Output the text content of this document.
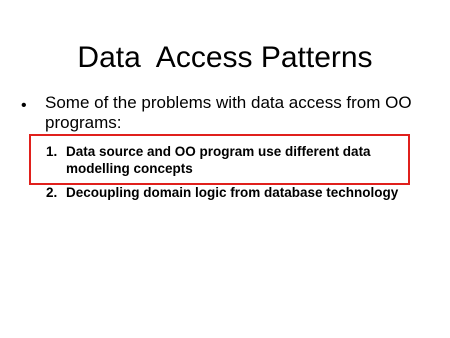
Data  Access Patterns
• Some of the problems with data access from OO programs:
1. Data source and OO program use different data
modelling concepts
2. Decoupling domain logic from database technology
